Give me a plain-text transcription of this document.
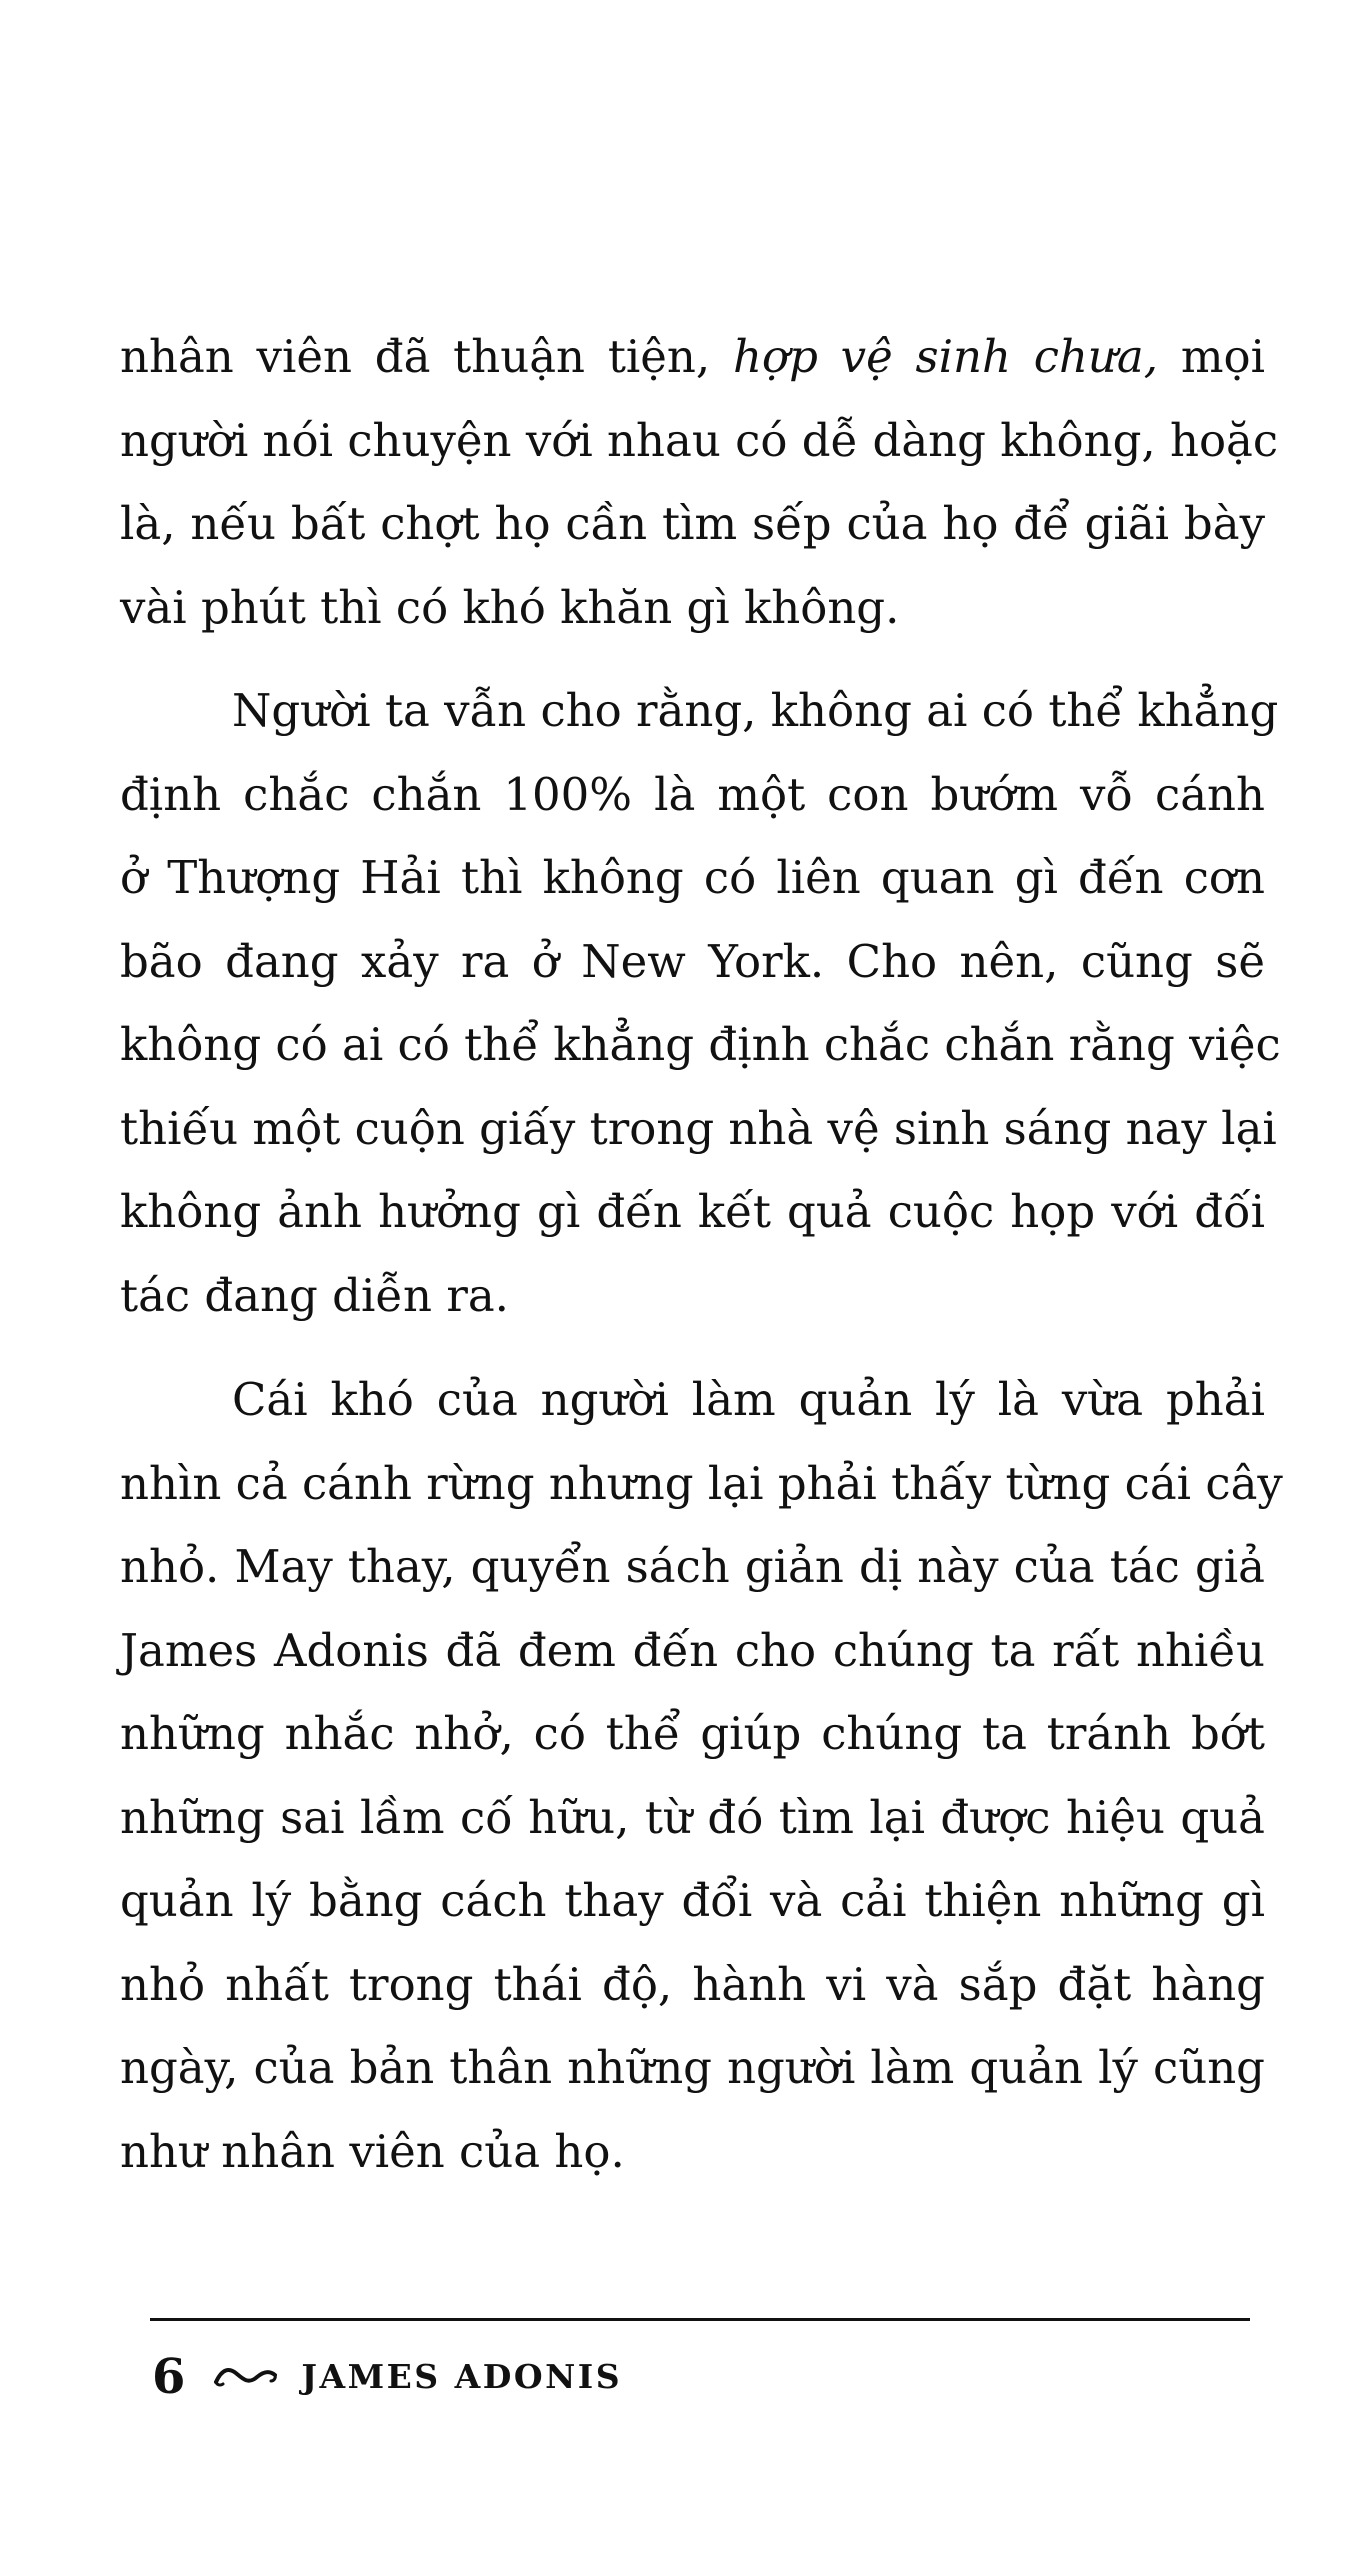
nhân viên đã thuận tiện, hợp vệ sinh chưa, mọi
người nói chuyện với nhau có dễ dàng không, hoặc
là, nếu bất chợt họ cần tìm sếp của họ để giãi bày
vài phút thì có khó khăn gì không.

Người ta vẫn cho rằng, không ai có thể khẳng
định chắc chắn 100% là một con bướm vỗ cánh
ở Thượng Hải thì không có liên quan gì đến cơn
bão đang xảy ra ở New York. Cho nên, cũng sẽ
không có ai có thể khẳng định chắc chắn rằng việc
thiếu một cuộn giấy trong nhà vệ sinh sáng nay lại
không ảnh hưởng gì đến kết quả cuộc họp với đối
tác đang diễn ra.

Cái khó của người làm quản lý là vừa phải
nhìn cả cánh rừng nhưng lại phải thấy từng cái cây
nhỏ. May thay, quyển sách giản dị này của tác giả
James Adonis đã đem đến cho chúng ta rất nhiều
những nhắc nhở, có thể giúp chúng ta tránh bớt
những sai lầm cố hữu, từ đó tìm lại được hiệu quả
quản lý bằng cách thay đổi và cải thiện những gì
nhỏ nhất trong thái độ, hành vi và sắp đặt hàng
ngày, của bản thân những người làm quản lý cũng
như nhân viên của họ.

6	JAMES ADONIS
